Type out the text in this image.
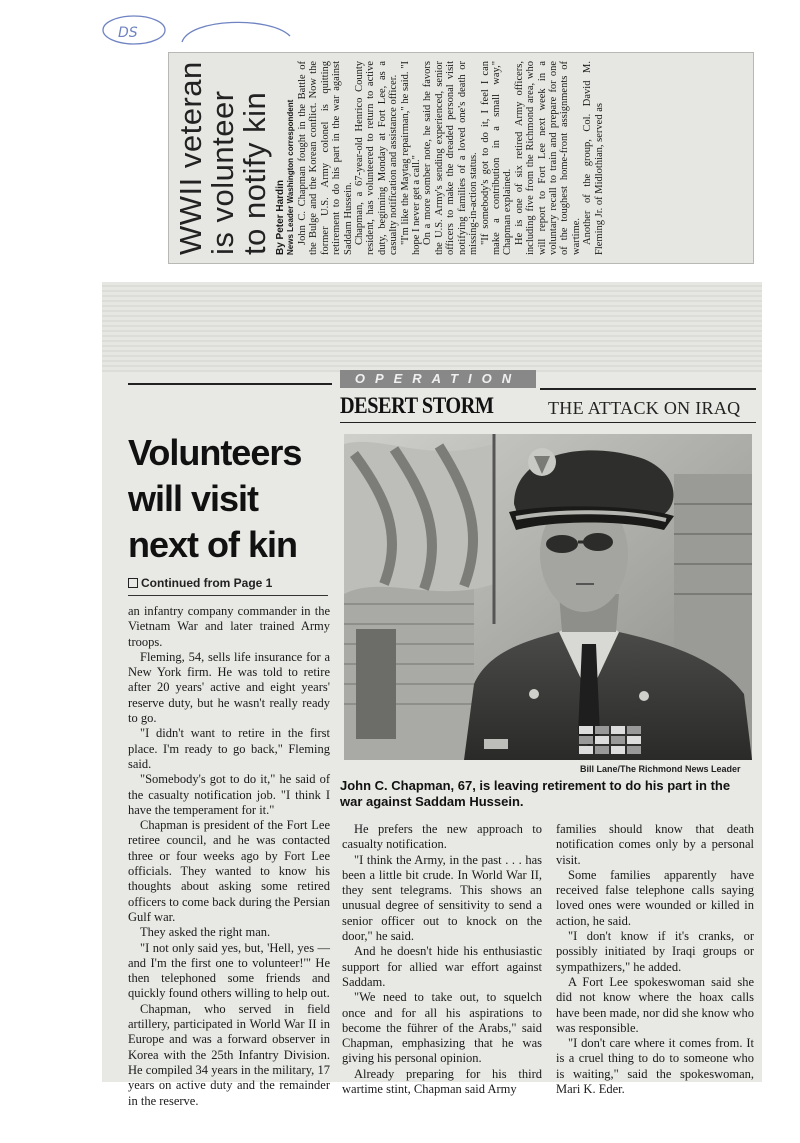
DS
WWII veteran
is volunteer
to notify kin By Peter Hardin News Leader Washington correspondent John C. Chapman fought in the Battle of the Bulge and the Korean conflict. Now the former U.S. Army colonel is quitting retirement to do his part in the war against Saddam Hussein. Chapman, a 67-year-old Henrico County resident, has volunteered to return to active duty, beginning Monday at Fort Lee, as a casualty notification and assistance officer. "I'm like the Maytag repairman," he said. "I hope I never get a call." On a more somber note, he said he favors the U.S. Army's sending experienced, senior officers to make the dreaded personal visit notifying families of a loved one's death or missing-in-action status. "If somebody's got to do it, I feel I can make a contribution in a small way," Chapman explained. He is one of six retired Army officers, including five from the Richmond area, who will report to Fort Lee next week in a voluntary recall to train and prepare for one of the toughest home-front assignments of wartime. Another of the group, Col. David M. Fleming Jr. of Midlothian, served as

OPERATION
DESERT STORM	THE ATTACK ON IRAQ
Volunteers
will visit
next of kin
Continued from Page 1
Bill Lane/The Richmond News Leader
John C. Chapman, 67, is leaving retirement to do his part in the war against Saddam Hussein.

an infantry company commander in the Vietnam War and later trained Army troops.

Fleming, 54, sells life insurance for a New York firm. He was told to retire after 20 years' active and eight years' reserve duty, but he wasn't really ready to go.

"I didn't want to retire in the first place. I'm ready to go back," Fleming said.

"Somebody's got to do it," he said of the casualty notification job. "I think I have the temperament for it."

Chapman is president of the Fort Lee retiree council, and he was contacted three or four weeks ago by Fort Lee officials. They wanted to know his thoughts about asking some retired officers to come back during the Persian Gulf war.

They asked the right man.

"I not only said yes, but, 'Hell, yes — and I'm the first one to volunteer!'" He then telephoned some friends and quickly found others willing to help out.

Chapman, who served in field artillery, participated in World War II in Europe and was a forward observer in Korea with the 25th Infantry Division. He compiled 34 years in the military, 17 years on active duty and the remainder in the reserve.

He prefers the new approach to casualty notification.

"I think the Army, in the past . . . has been a little bit crude. In World War II, they sent telegrams. This shows an unusual degree of sensitivity to send a senior officer out to knock on the door," he said.

And he doesn't hide his enthusiastic support for allied war effort against Saddam.

"We need to take out, to squelch once and for all his aspirations to become the führer of the Arabs," said Chapman, emphasizing that he was giving his personal opinion.

Already preparing for his third wartime stint, Chapman said Army

families should know that death notification comes only by a personal visit.

Some families apparently have received false telephone calls saying loved ones were wounded or killed in action, he said.

"I don't know if it's cranks, or possibly initiated by Iraqi groups or sympathizers," he added.

A Fort Lee spokeswoman said she did not know where the hoax calls have been made, nor did she know who was responsible.

"I don't care where it comes from. It is a cruel thing to do to someone who is waiting," said the spokeswoman, Mari K. Eder.
